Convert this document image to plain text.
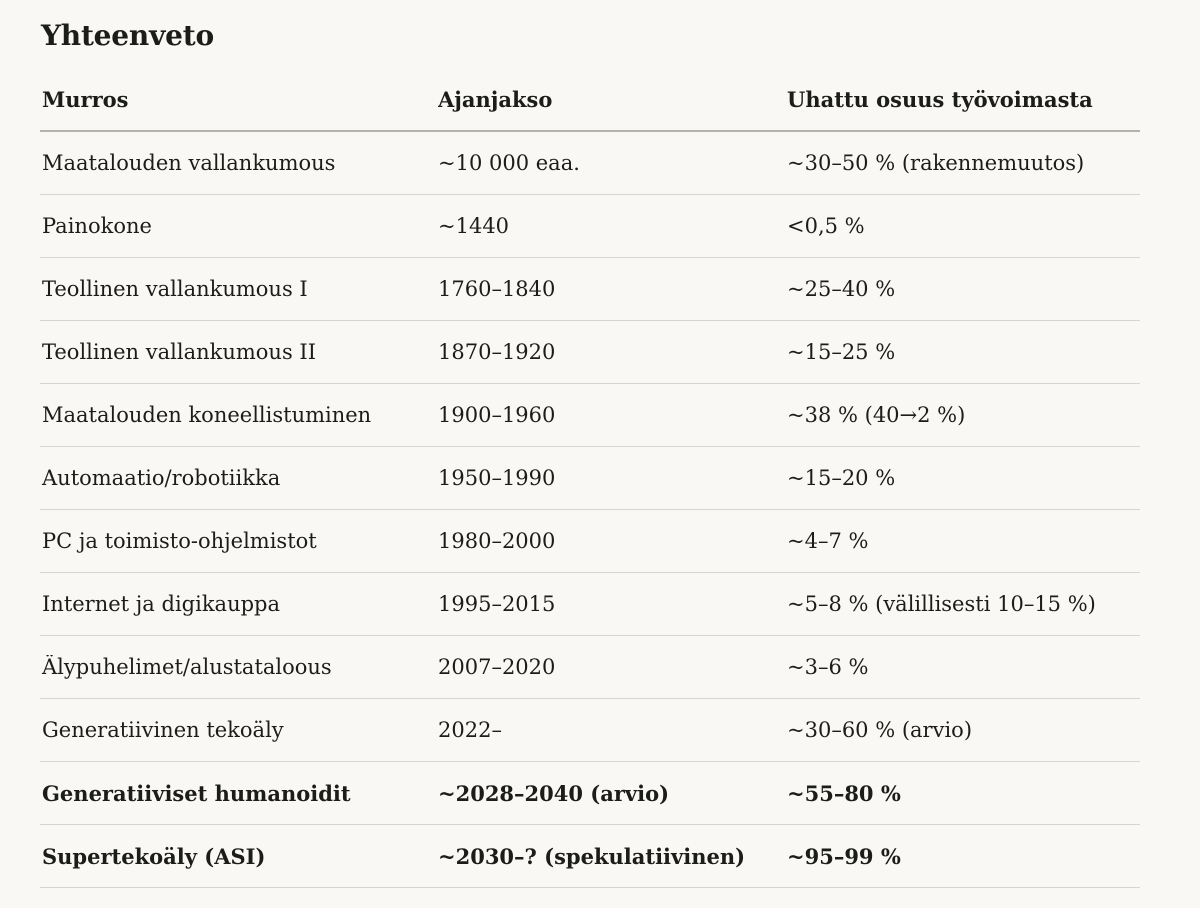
Yhteenveto
Murros	Ajanjakso	Uhattu osuus työvoimasta
Maatalouden vallankumous	~10 000 eaa.	~30–50 % (rakennemuutos)
Painokone	~1440	<0,5 %
Teollinen vallankumous I	1760–1840	~25–40 %
Teollinen vallankumous II	1870–1920	~15–25 %
Maatalouden koneellistuminen	1900–1960	~38 % (40→2 %)
Automaatio/robotiikka	1950–1990	~15–20 %
PC ja toimisto-ohjelmistot	1980–2000	~4–7 %
Internet ja digikauppa	1995–2015	~5–8 % (välillisesti 10–15 %)
Älypuhelimet/alustataloous	2007–2020	~3–6 %
Generatiivinen tekoäly	2022–	~30–60 % (arvio)
Generatiiviset humanoidit	~2028–2040 (arvio)	~55–80 %
Supertekoäly (ASI)	~2030–? (spekulatiivinen)	~95–99 %
